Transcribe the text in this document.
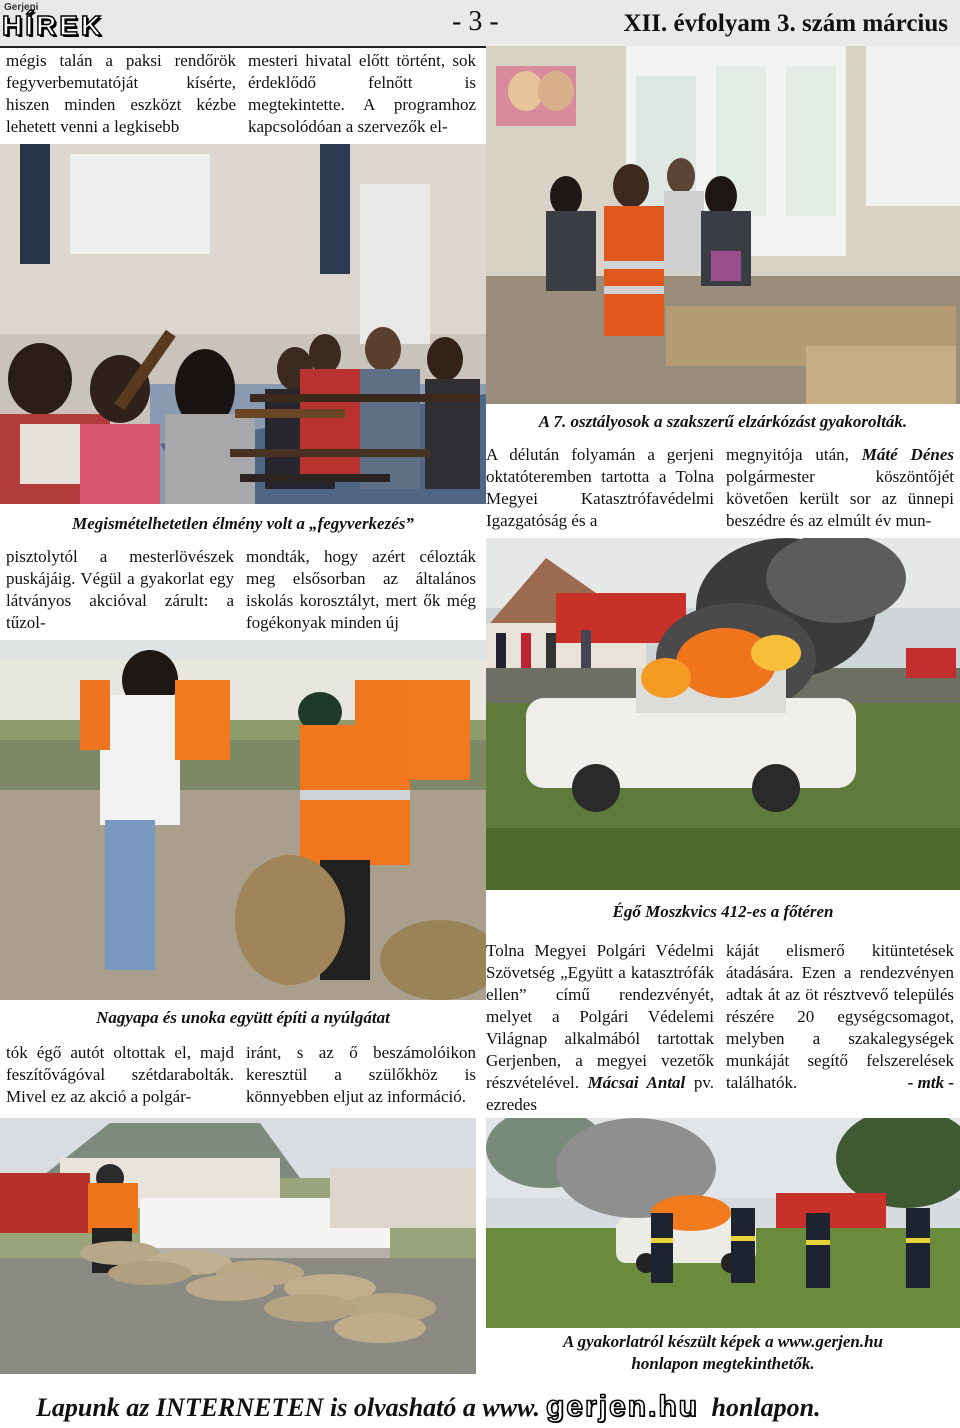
Gerjeni
HÍREK	- 3 -	XII. évfolyam 3. szám március

mégis talán a paksi rendőrök fegyverbemutatóját kísérte, hiszen minden eszközt kézbe lehetett venni a legkisebb

mesteri hivatal előtt történt, sok érdeklődő felnőtt is megtekintette. A programhoz kapcsolódóan a szervezők el-

Megismételhetetlen élmény volt a „fegyverkezés”
A 7. osztályosok a szakszerű elzárkózást gyakorolták.

A délután folyamán a gerjeni oktatóteremben tartotta a Tolna Megyei Katasztrófavédelmi Igazgatóság és a

megnyitója után, Máté Dénes polgármester köszöntőjét követően került sor az ünnepi beszédre és az elmúlt év mun-

pisztolytól a mesterlövészek puskájáig. Végül a gyakorlat egy látványos akcióval zárult: a tűzol-

mondták, hogy azért célozták meg elsősorban az általános iskolás korosztályt, mert ők még fogékonyak minden új

Égő Moszkvics 412-es a főtéren
Tolna Megyei Polgári Védelmi Szövetség „Együtt a katasztrófák ellen” című rendezvényét, melyet a Polgári Védelemi Világnap alkalmából tartottak Gerjenben, a megyei vezetők részvételével. Mácsai Antal pv. ezredes
káját elismerő kitüntetések átadására. Ezen a rendezvényen adtak át az öt résztvevő település részére 20 egységcsomagot, melyben a szakalegységek munkáját segítő felszerelések találhatók.	- mtk -
Nagyapa és unoka együtt építi a nyúlgátat

tók égő autót oltottak el, majd feszítővágóval szétdarabolták. Mivel ez az akció a polgár-

iránt, s az ő beszámolóikon keresztül a szülőkhöz is könnyebben eljut az információ.

A gyakorlatról készült képek a www.gerjen.hu
honlapon megtekinthetők.
Lapunk az INTERNETEN is olvasható a www. gerjen.hu honlapon.
